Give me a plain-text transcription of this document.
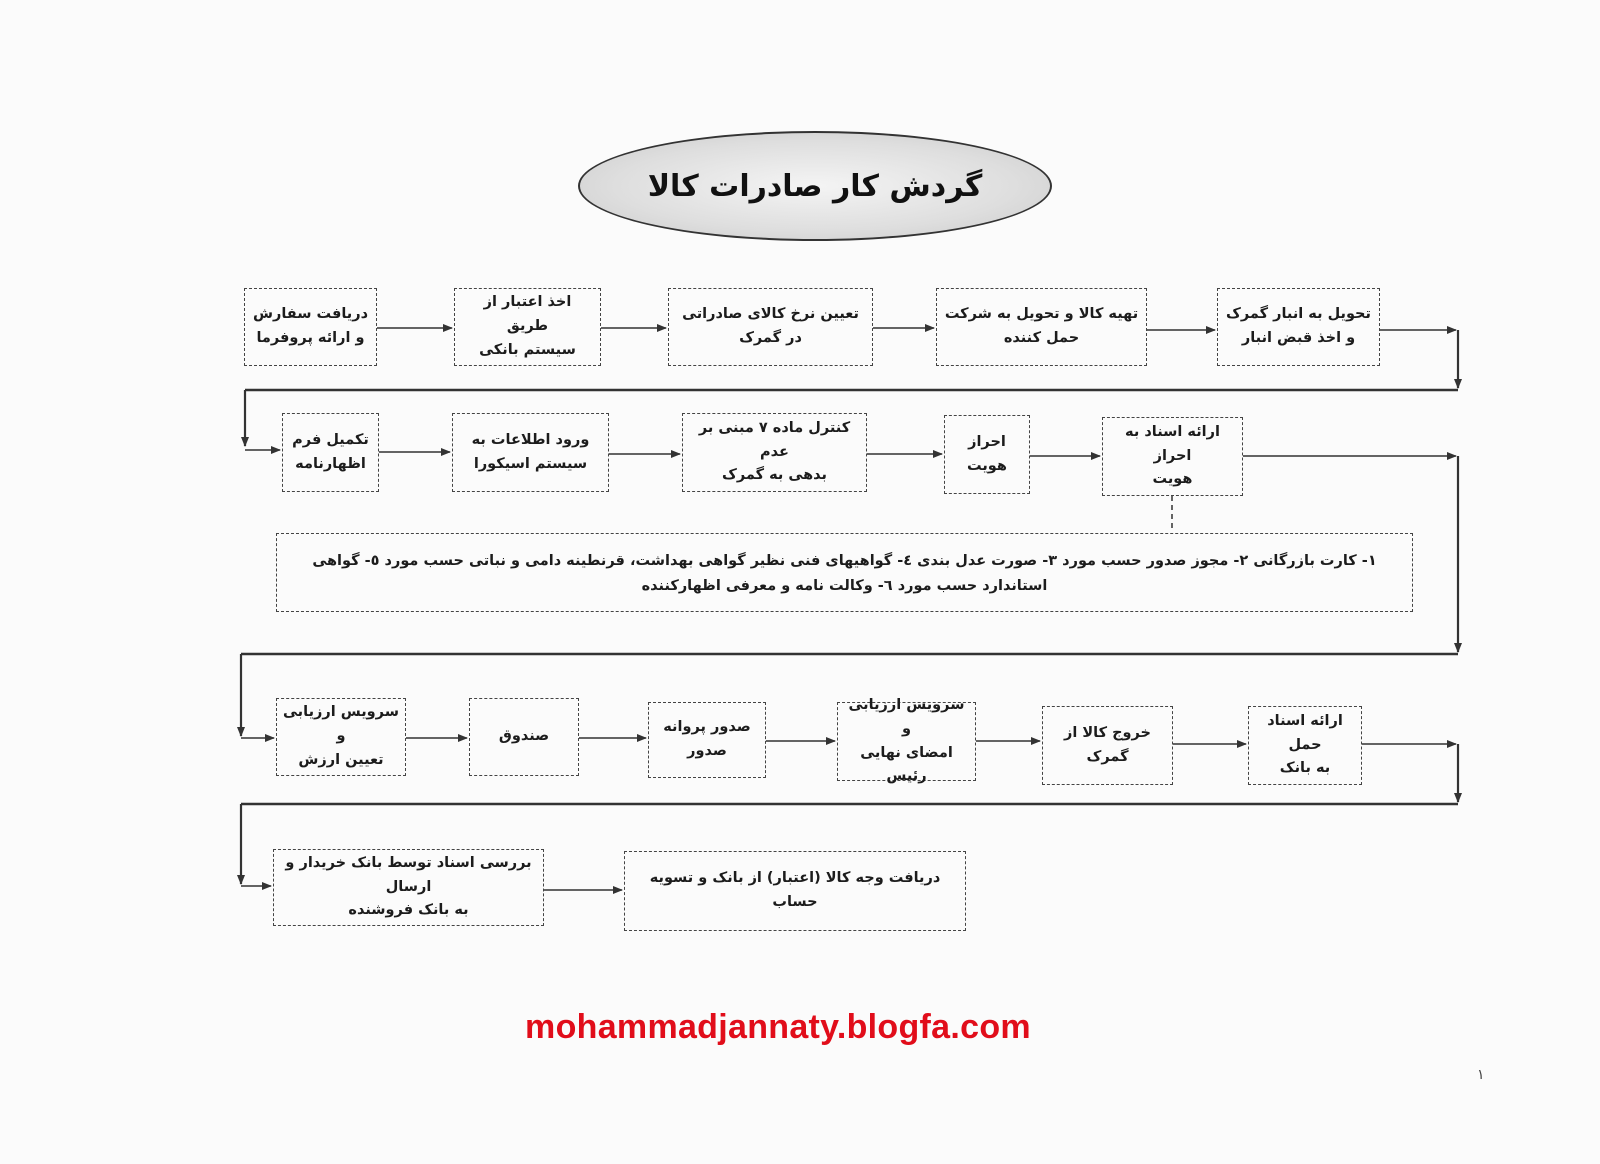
گردش کار صادرات کالا
دریافت سفارش
و ارائه پروفرما
اخذ اعتبار از طریق
سیستم بانکی
تعیین نرخ کالای صادراتی
در گمرک
تهیه کالا و تحویل به شرکت
حمل کننده
تحویل به انبار گمرک
و اخذ قبض انبار
تکمیل فرم
اظهارنامه
ورود اطلاعات به
سیستم اسیکورا
کنترل ماده ۷ مبنی بر عدم
بدهی به گمرک
احراز هویت
ارائه اسناد به احراز
هویت
۱- کارت بازرگانی ۲- مجوز صدور حسب مورد ۳- صورت عدل بندی ٤- گواهیهای فنی نظیر گواهی بهداشت، قرنطینه دامی و نباتی حسب مورد ٥- گواهی استاندارد حسب مورد ٦- وکالت نامه و معرفی اظهارکننده
سرویس ارزیابی و
تعیین ارزش
صندوق
صدور پروانه
صدور
سرویس ارزیابی و
امضای نهایی رئیس
خروج کالا از گمرک
ارائه اسناد حمل
به بانک
بررسی اسناد توسط بانک خریدار و ارسال
به بانک فروشنده
دریافت وجه کالا (اعتبار) از بانک و تسویه حساب
mohammadjannaty.blogfa.com
۱
